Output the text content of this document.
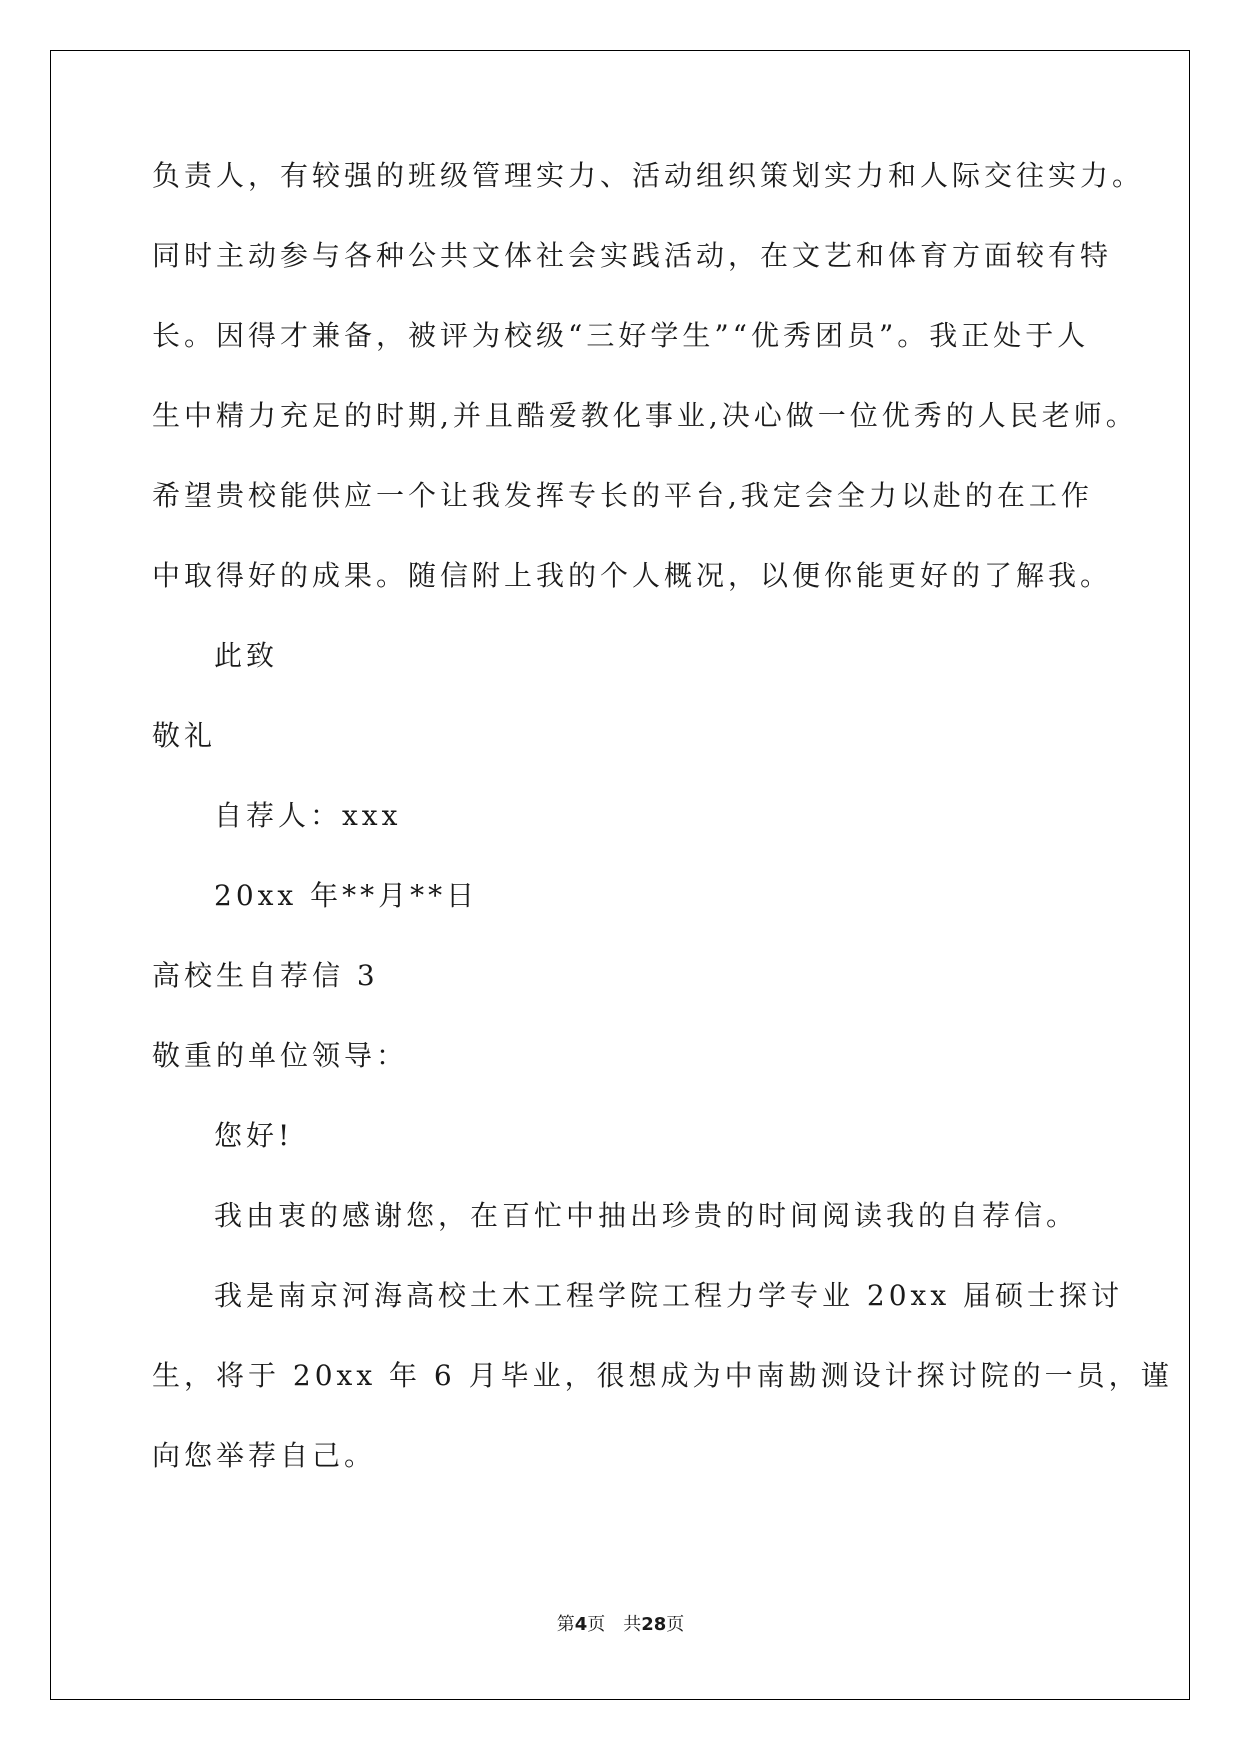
负责人，有较强的班级管理实力、活动组织策划实力和人际交往实力。
同时主动参与各种公共文体社会实践活动，在文艺和体育方面较有特
长。因得才兼备，被评为校级“三好学生”“优秀团员”。我正处于人
生中精力充足的时期,并且酷爱教化事业,决心做一位优秀的人民老师。
希望贵校能供应一个让我发挥专长的平台,我定会全力以赴的在工作
中取得好的成果。随信附上我的个人概况，以便你能更好的了解我。
此致
敬礼
自荐人：xxx
20xx 年**月**日
高校生自荐信 3
敬重的单位领导：
您好!
我由衷的感谢您，在百忙中抽出珍贵的时间阅读我的自荐信。
我是南京河海高校土木工程学院工程力学专业 20xx 届硕士探讨
生，将于 20xx 年 6 月毕业，很想成为中南勘测设计探讨院的一员，谨
向您举荐自己。
第4页　共28页
